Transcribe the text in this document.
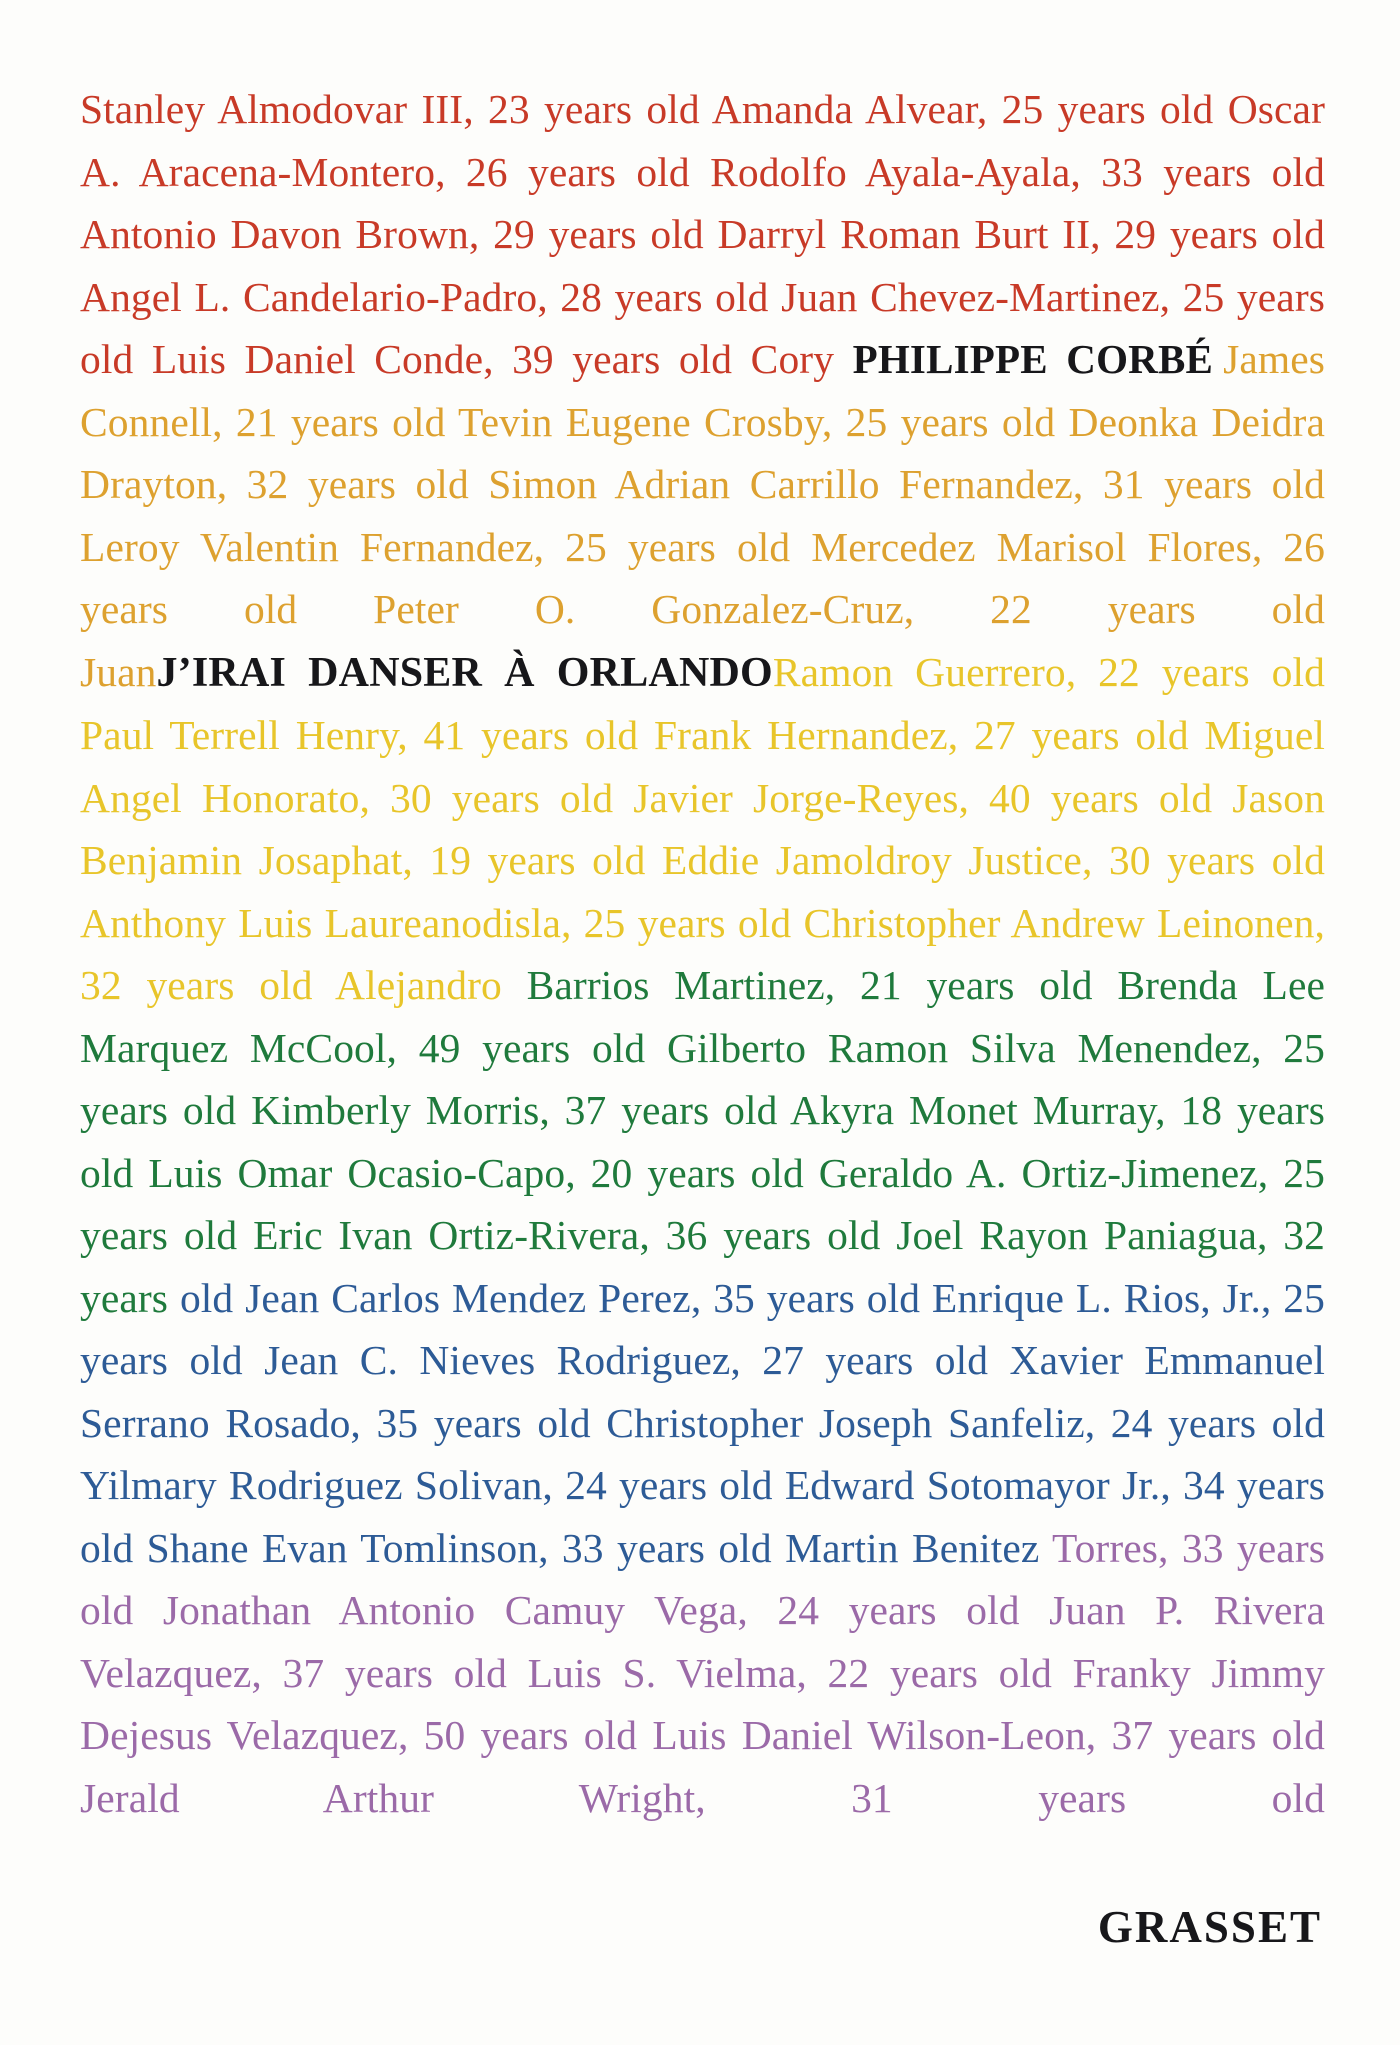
Stanley Almodovar III, 23 years old Amanda Alvear, 25 years old Oscar A. Aracena-Montero, 26 years old Rodolfo Ayala-Ayala, 33 years old Antonio Davon Brown, 29 years old Darryl Roman Burt II, 29 years old Angel L. Candelario-Padro, 28 years old Juan Chevez-Martinez, 25 years old Luis Daniel Conde, 39 years old Cory PHILIPPE CORBÉ James Connell, 21 years old Tevin Eugene Crosby, 25 years old Deonka Deidra Drayton, 32 years old Simon Adrian Carrillo Fernandez, 31 years old Leroy Valentin Fernandez, 25 years old Mercedez Marisol Flores, 26 years old Peter O. Gonzalez-Cruz, 22 years old JuanJ’IRAI DANSER À ORLANDORamon Guerrero, 22 years old Paul Terrell Henry, 41 years old Frank Hernandez, 27 years old Miguel Angel Honorato, 30 years old Javier Jorge-Reyes, 40 years old Jason Benjamin Josaphat, 19 years old Eddie Jamoldroy Justice, 30 years old Anthony Luis Laureanodisla, 25 years old Christopher Andrew Leinonen, 32 years old Alejandro Barrios Martinez, 21 years old Brenda Lee Marquez McCool, 49 years old Gilberto Ramon Silva Menendez, 25 years old Kimberly Morris, 37 years old Akyra Monet Murray, 18 years old Luis Omar Ocasio-Capo, 20 years old Geraldo A. Ortiz-Jimenez, 25 years old Eric Ivan Ortiz-Rivera, 36 years old Joel Rayon Paniagua, 32 years old Jean Carlos Mendez Perez, 35 years old Enrique L. Rios, Jr., 25 years old Jean C. Nieves Rodriguez, 27 years old Xavier Emmanuel Serrano Rosado, 35 years old Christopher Joseph Sanfeliz, 24 years old Yilmary Rodriguez Solivan, 24 years old Edward Sotomayor Jr., 34 years old Shane Evan Tomlinson, 33 years old Martin Benitez Torres, 33 years old Jonathan Antonio Camuy Vega, 24 years old Juan P. Rivera Velazquez, 37 years old Luis S. Vielma, 22 years old Franky Jimmy Dejesus Velazquez, 50 years old Luis Daniel Wilson-Leon, 37 years old Jerald Arthur Wright, 31 years old
GRASSET
